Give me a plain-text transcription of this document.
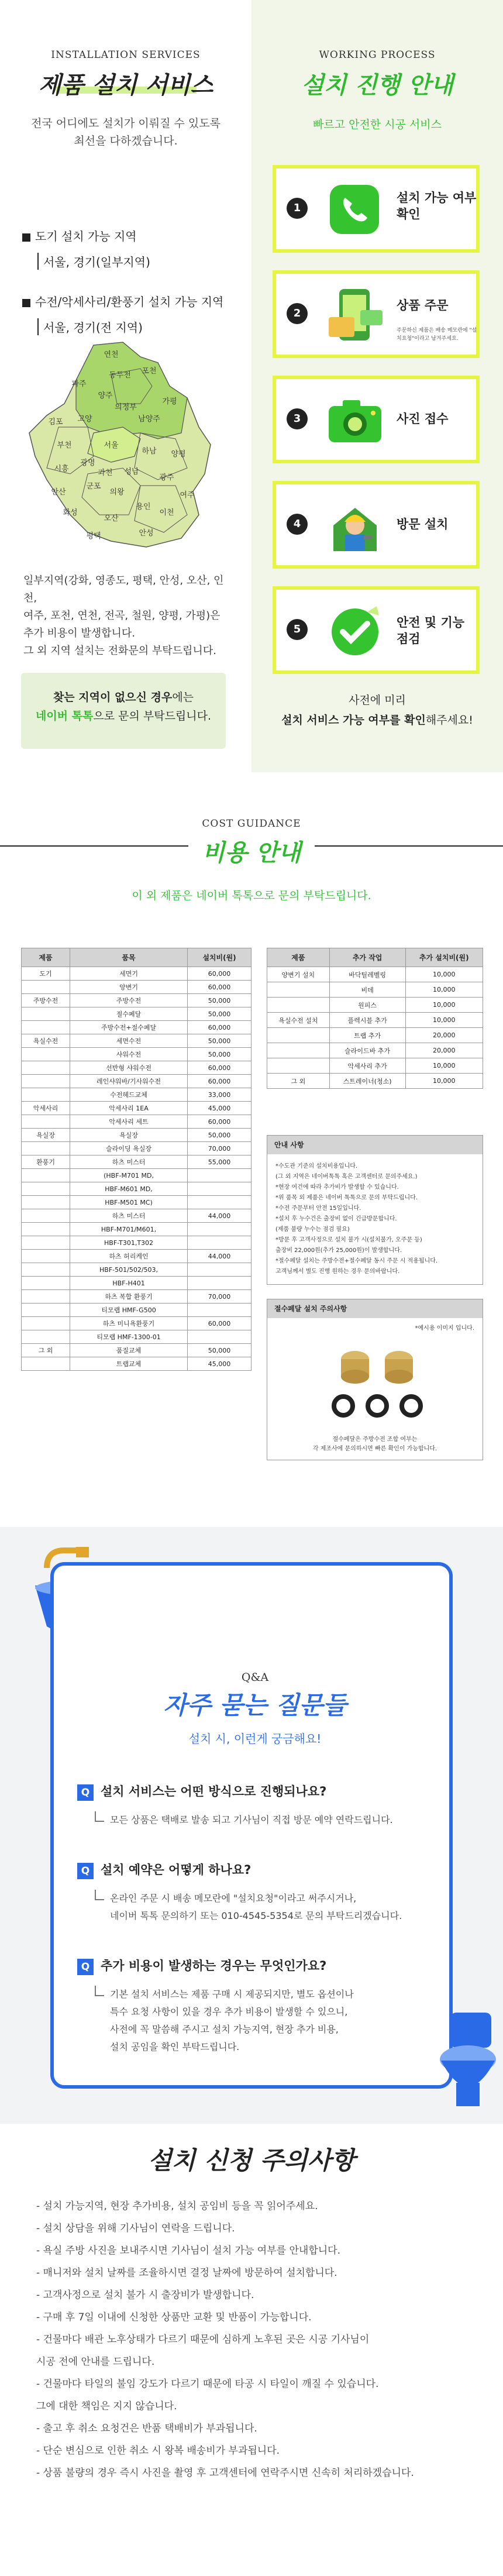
INSTALLATION SERVICES
제품 설치 서비스
전국 어디에도 설치가 이뤄질 수 있도록
최선을 다하겠습니다.
도기 설치 가능 지역
서울, 경기(일부지역)
수전/악세사리/환풍기 설치 가능 지역
서울, 경기(전 지역)
연천
포천
파주
동두천
가평
양주
의정부
김포 고양	남양주
부천	서울
하남 양평
시흥
광명
과천 성남
광주
안산
군포
의왕
용인
여주
이천
화성
오산
평택	안성
일부지역(강화, 영종도, 평택, 안성, 오산, 인천,
여주, 포천, 연천, 전곡, 철원, 양평, 가평)은
추가 비용이 발생합니다.
그 외 지역 설치는 전화문의 부탁드립니다.
찾는 지역이 없으신 경우에는
네이버 톡톡으로 문의 부탁드립니다.
WORKING PROCESS
설치 진행 안내
빠르고 안전한 시공 서비스
1
설치 가능 여부 확인
2
상품 주문
주문하신 제품은 배송 메모란에 "설치요청"이라고 남겨주세요.
3	사진 접수
4	방문 설치
5	안전 및 기능 점검
사전에 미리
설치 서비스 가능 여부를 확인해주세요!
COST GUIDANCE
비용 안내
이 외 제품은 네이버 톡톡으로 문의 부탁드립니다.
제품	품목	설치비(원)
도기	세면기	60,000
	양변기	60,000
주방수전	주방수전	50,000
	절수페달	50,000
	주방수전+절수페달	60,000
욕실수전	세면수전	50,000
	샤워수전	50,000
	선반형 샤워수전	60,000
	레인샤워바/기사워수전	60,000
	수전헤드교체	33,000
악세사리	악세사리 1EA	45,000
	악세사리 세트	60,000
욕실장	욕실장	50,000
	슬라이딩 욕실장	70,000
환풍기	하츠 미스터	55,000
	(HBF-M701 MD,	
	HBF-M601 MD,	
	HBF-M501 MC)	
	하츠 미스터	44,000
	HBF-M701/M601,	
	HBF-T301,T302	
	하츠 허리케인	44,000
	HBF-501/502/503,	
	HBF-H401	
	하츠 복합 환풍기	70,000
	티모랩 HMF-G500	
	하츠 미니욕환풍기	60,000
	티모랩 HMF-1300-01	
그 외	품질교체	50,000
	트랩교체	45,000
제품	추가 작업	추가 설치비(원)
양변기 설치	바닥틸레벨링	10,000
	비데	10,000
	원피스	10,000
욕실수전 설치	플렉시블 추가	10,000
	트랩 추가	20,000
	슬라이드바 추가	20,000
	악세사리 추가	10,000
그 외	스트레이너(청소)	10,000
안내 사항
*수도관 기준의 설치비용입니다.
(그 외 지역은 네이버톡톡 혹은 고객센터로 문의주세요.)
*현장 여건에 따라 추가비가 발생할 수 있습니다.
*위 품목 외 제품은 네이버 톡톡으로 문의 부탁드립니다.
*수전 주문부터 안전 15일입니다.
*설치 후 누수건은 출장비 없이 긴급방문합니다.
(제품 불량 누수는 점검 필요)
*방문 후 고객사정으로 설치 불가 시(설치불가, 오주문 등)
출장비 22,000원(추가 25,000원)이 발생합니다.
*절수페달 설치는 주방수전+절수페달 동시 주문 시 적용됩니다.
고객님께서 별도 진행 원하는 경우 문의바랍니다.
절수페달 설치 주의사항
*예시용 이미지 입니다.
절수페달은 주방수전 조합 여부는
각 제조사에 문의하시면 빠른 확인이 가능합니다.
Q&A
자주 묻는 질문들
설치 시, 이런게 궁금해요!
Q 설치 서비스는 어떤 방식으로 진행되나요?
모든 상품은 택배로 발송 되고 기사님이 직접 방문 예약 연락드립니다.
Q 설치 예약은 어떻게 하나요?
온라인 주문 시 배송 메모란에 "설치요청"이라고 써주시거나,
네이버 톡톡 문의하기 또는 010-4545-5354로 문의 부탁드리겠습니다.
Q 추가 비용이 발생하는 경우는 무엇인가요?
기본 설치 서비스는 제품 구매 시 제공되지만, 별도 옵션이나
특수 요청 사항이 있을 경우 추가 비용이 발생할 수 있으니,
사전에 꼭 말씀해 주시고 설치 가능지역, 현장 추가 비용,
설치 공임을 확인 부탁드립니다.
설치 신청 주의사항
- 설치 가능지역, 현장 추가비용, 설치 공임비 등을 꼭 읽어주세요.
- 설치 상담을 위해 기사님이 연락을 드립니다.
- 욕실 주방 사진을 보내주시면 기사님이 설치 가능 여부를 안내합니다.
- 매니저와 설치 날짜를 조율하시면 결정 날짜에 방문하여 설치합니다.
- 고객사정으로 설치 불가 시 출장비가 발생합니다.
- 구매 후 7일 이내에 신청한 상품만 교환 및 반품이 가능합니다.
- 건물마다 배관 노후상태가 다르기 때문에 심하게 노후된 곳은 시공 기사님이
시공 전에 안내를 드립니다.
- 건물마다 타일의 불임 강도가 다르기 때문에 타공 시 타일이 깨질 수 있습니다.
그에 대한 책임은 지지 않습니다.
- 출고 후 취소 요청건은 반품 택배비가 부과됩니다.
- 단순 변심으로 인한 취소 시 왕복 배송비가 부과됩니다.
- 상품 불량의 경우 즉시 사진을 촬영 후 고객센터에 연락주시면 신속히 처리하겠습니다.
